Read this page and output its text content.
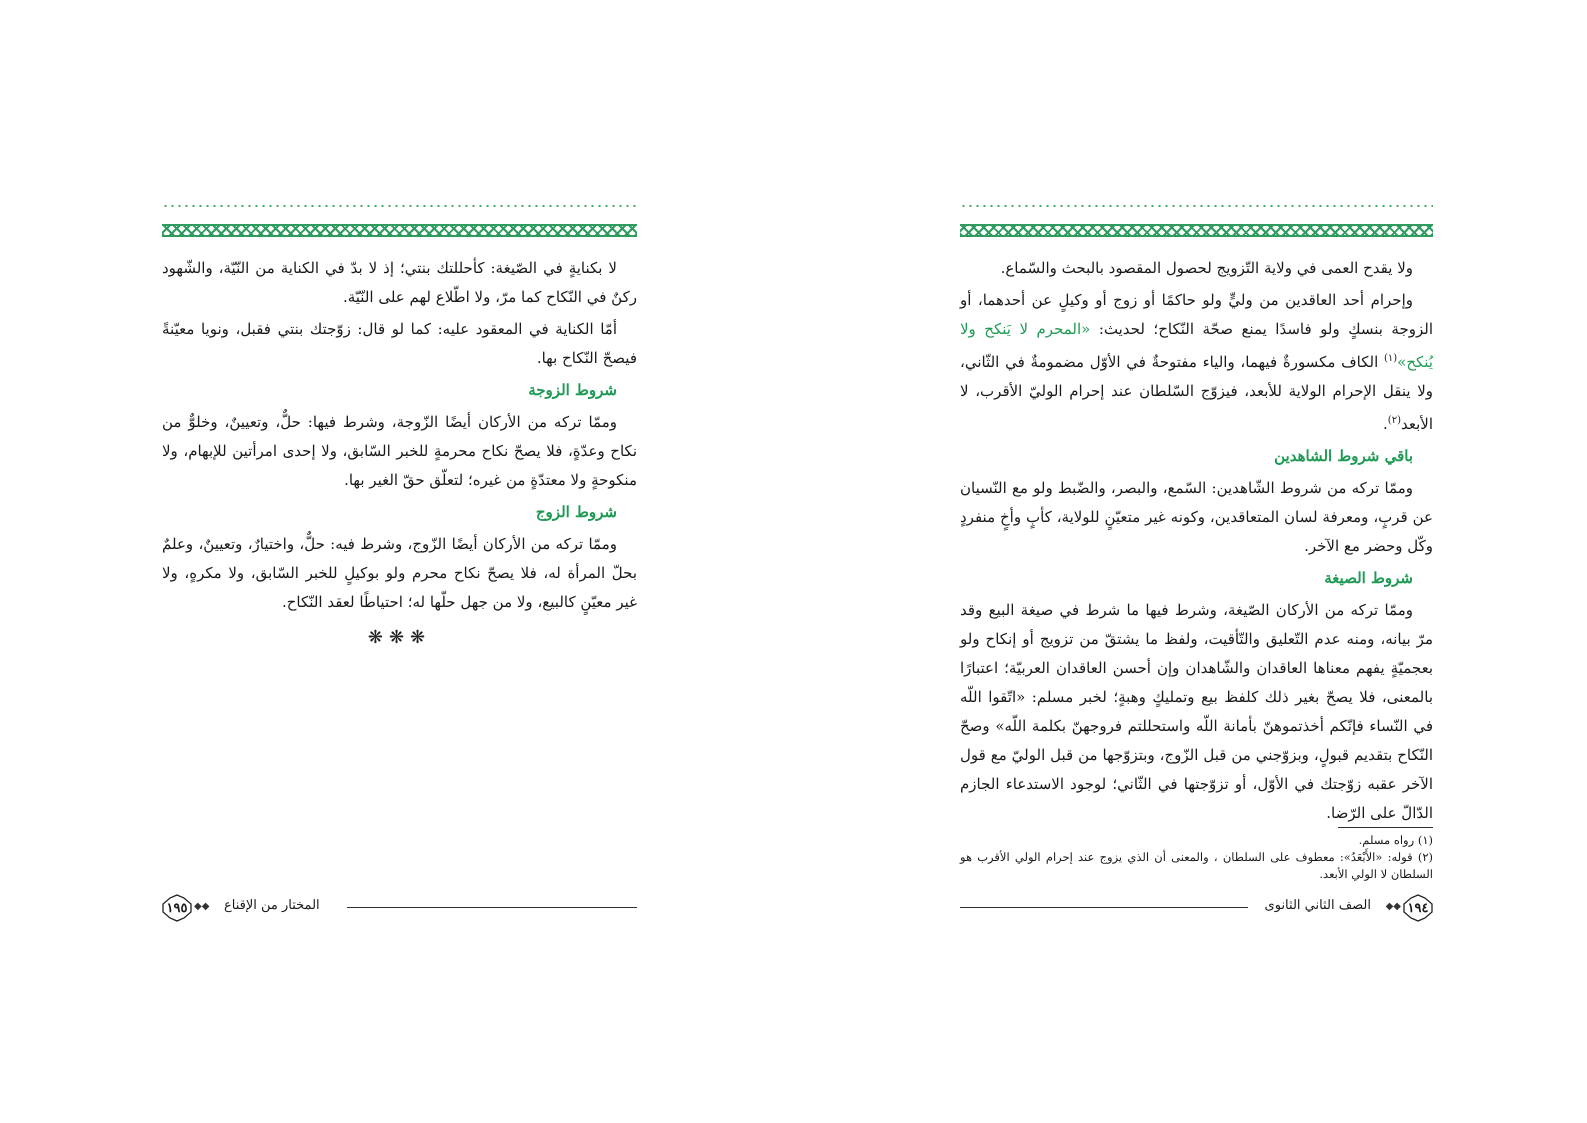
ولا يقدح العمى في ولاية التّزويج لحصول المقصود بالبحث والسّماع.

وإحرام أحد العاقدين من وليٍّ ولو حاكمًا أو زوج أو وكيلٍ عن أحدهما، أو الزوجة بنسكٍ ولو فاسدًا يمنع صحّة النّكاح؛ لحديث: «المحرم لا يَنكح ولا يُنكح»$^{(١)}$ الكاف مكسورةٌ فيهما، والياء مفتوحةٌ في الأوّل مضمومةٌ في الثّاني، ولا ينقل الإحرام الولاية للأبعد، فيزوّج السّلطان عند إحرام الوليّ الأقرب، لا الأبعد$^{(٢)}$.

باقي شروط الشاهدين

وممّا تركه من شروط الشّاهدين: السّمع، والبصر، والضّبط ولو مع النّسيان عن قربٍ، ومعرفة لسان المتعاقدين، وكونه غير متعيّنٍ للولاية، كأبٍ وأخٍ منفردٍ وكّل وحضر مع الآخر.

شروط الصيغة

وممّا تركه من الأركان الصّيغة، وشرط فيها ما شرط في صيغة البيع وقد مرّ بيانه، ومنه عدم التّعليق والتّأقيت، ولفظ ما يشتقّ من تزويج أو إنكاح ولو بعجميّةٍ يفهم معناها العاقدان والشّاهدان وإن أحسن العاقدان العربيّة؛ اعتبارًا بالمعنى، فلا يصحّ بغير ذلك كلفظ بيع وتمليكٍ وهبةٍ؛ لخبر مسلم: «اتّقوا اللّه في النّساء فإنّكم أخذتموهنّ بأمانة اللّه واستحللتم فروجهنّ بكلمة اللّه» وصحّ النّكاح بتقديم قبولٍ، وبزوّجني من قبل الزّوج، وبتزوّجها من قبل الوليّ مع قول الآخر عقبه زوّجتك في الأوّل، أو تزوّجتها في الثّاني؛ لوجود الاستدعاء الجازم الدّالّ على الرّضا.

(١) رواه مسلم.
(٢) قوله: «الأَبْعَدُ»: معطوف على السلطان ، والمعنى أن الذي يزوج عند إحرام الولي الأقرب هو السلطان لا الولي الأبعد.
١٩٤
◆◆
الصف الثاني الثانوى

لا بكنايةٍ في الصّيغة: كأحللتك بنتي؛ إذ لا بدّ في الكناية من النّيّة، والشّهود ركنٌ في النّكاح كما مرّ، ولا اطّلاع لهم على النّيّة.

أمّا الكناية في المعقود عليه: كما لو قال: زوّجتك بنتي فقبل، ونويا معيّنةً فيصحّ النّكاح بها.

شروط الزوجة

وممّا تركه من الأركان أيضًا الزّوجة، وشرط فيها: حلٌّ، وتعيينٌ، وخلوٌّ من نكاح وعدّةٍ، فلا يصحّ نكاح محرمةٍ للخبر السّابق، ولا إحدى امرأتين للإبهام، ولا منكوحةٍ ولا معتدّةٍ من غيره؛ لتعلّق حقّ الغير بها.

شروط الزوج

وممّا تركه من الأركان أيضًا الزّوج، وشرط فيه: حلٌّ، واختيارٌ، وتعيينٌ، وعلمٌ بحلّ المرأة له، فلا يصحّ نكاح محرم ولو بوكيلٍ للخبر السّابق، ولا مكرهٍ، ولا غير معيّنٍ كالبيع، ولا من جهل حلّها له؛ احتياطًا لعقد النّكاح.

❋❋❋
المختار من الإقناع
◆◆
١٩٥
